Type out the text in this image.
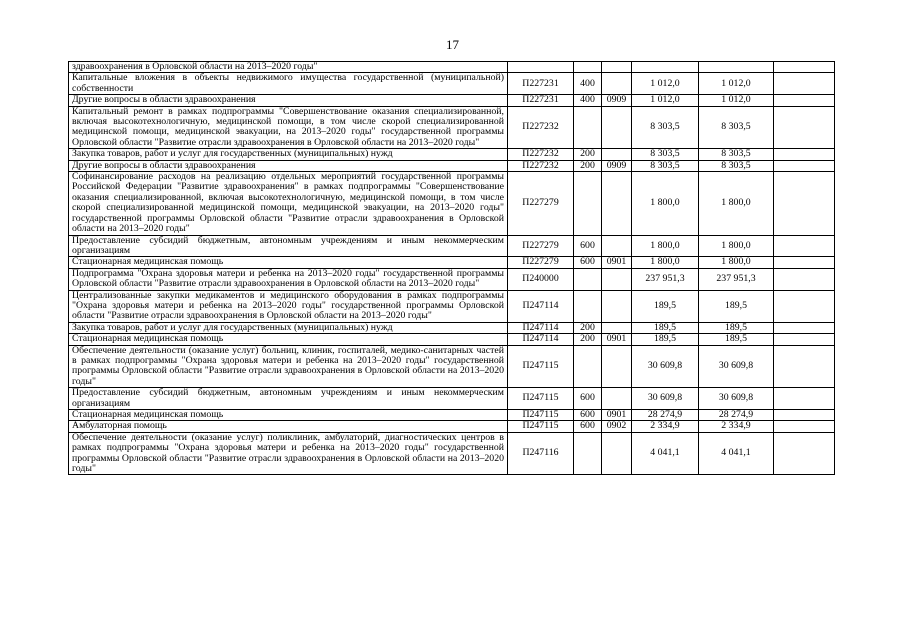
17
здравоохранения в Орловской области на 2013–2020 годы"						
Капитальные вложения в объекты недвижимого имущества государственной (муниципальной) собственности	П227231	400		1 012,0	1 012,0	
Другие вопросы в области здравоохранения	П227231	400	0909	1 012,0	1 012,0	
Капитальный ремонт в рамках подпрограммы "Совершенствование оказания специализированной, включая высокотехнологичную, медицинской помощи, в том числе скорой специализированной медицинской помощи, медицинской эвакуации, на 2013–2020 годы" государственной программы Орловской области "Развитие отрасли здравоохранения в Орловской области на 2013–2020 годы"	П227232			8 303,5	8 303,5	
Закупка товаров, работ и услуг для государственных (муниципальных) нужд	П227232	200		8 303,5	8 303,5	
Другие вопросы в области здравоохранения	П227232	200	0909	8 303,5	8 303,5	
Софинансирование расходов на реализацию отдельных мероприятий государственной программы Российской Федерации "Развитие здравоохранения" в рамках подпрограммы "Совершенствование оказания специализированной, включая высокотехнологичную, медицинской помощи, в том числе скорой специализированной медицинской помощи, медицинской эвакуации, на 2013–2020 годы" государственной программы Орловской области "Развитие отрасли здравоохранения в Орловской области на 2013–2020 годы"	П227279			1 800,0	1 800,0	
Предоставление субсидий бюджетным, автономным учреждениям и иным некоммерческим организациям	П227279	600		1 800,0	1 800,0	
Стационарная медицинская помощь	П227279	600	0901	1 800,0	1 800,0	
Подпрограмма "Охрана здоровья матери и ребенка на 2013–2020 годы" государственной программы Орловской области "Развитие отрасли здравоохранения в Орловской области на 2013–2020 годы"	П240000			237 951,3	237 951,3	
Централизованные закупки медикаментов и медицинского оборудования в рамках подпрограммы "Охрана здоровья матери и ребенка на 2013–2020 годы" государственной программы Орловской области "Развитие отрасли здравоохранения в Орловской области на 2013–2020 годы"	П247114			189,5	189,5	
Закупка товаров, работ и услуг для государственных (муниципальных) нужд	П247114	200		189,5	189,5	
Стационарная медицинская помощь	П247114	200	0901	189,5	189,5	
Обеспечение деятельности (оказание услуг) больниц, клиник, госпиталей, медико-санитарных частей в рамках подпрограммы "Охрана здоровья матери и ребенка на 2013–2020 годы" государственной программы Орловской области "Развитие отрасли здравоохранения в Орловской области на 2013–2020 годы"	П247115			30 609,8	30 609,8	
Предоставление субсидий бюджетным, автономным учреждениям и иным некоммерческим организациям	П247115	600		30 609,8	30 609,8	
Стационарная медицинская помощь	П247115	600	0901	28 274,9	28 274,9	
Амбулаторная помощь	П247115	600	0902	2 334,9	2 334,9	
Обеспечение деятельности (оказание услуг) поликлиник, амбулаторий, диагностических центров в рамках подпрограммы "Охрана здоровья матери и ребенка на 2013–2020 годы" государственной программы Орловской области "Развитие отрасли здравоохранения в Орловской области на 2013–2020 годы"	П247116			4 041,1	4 041,1	
